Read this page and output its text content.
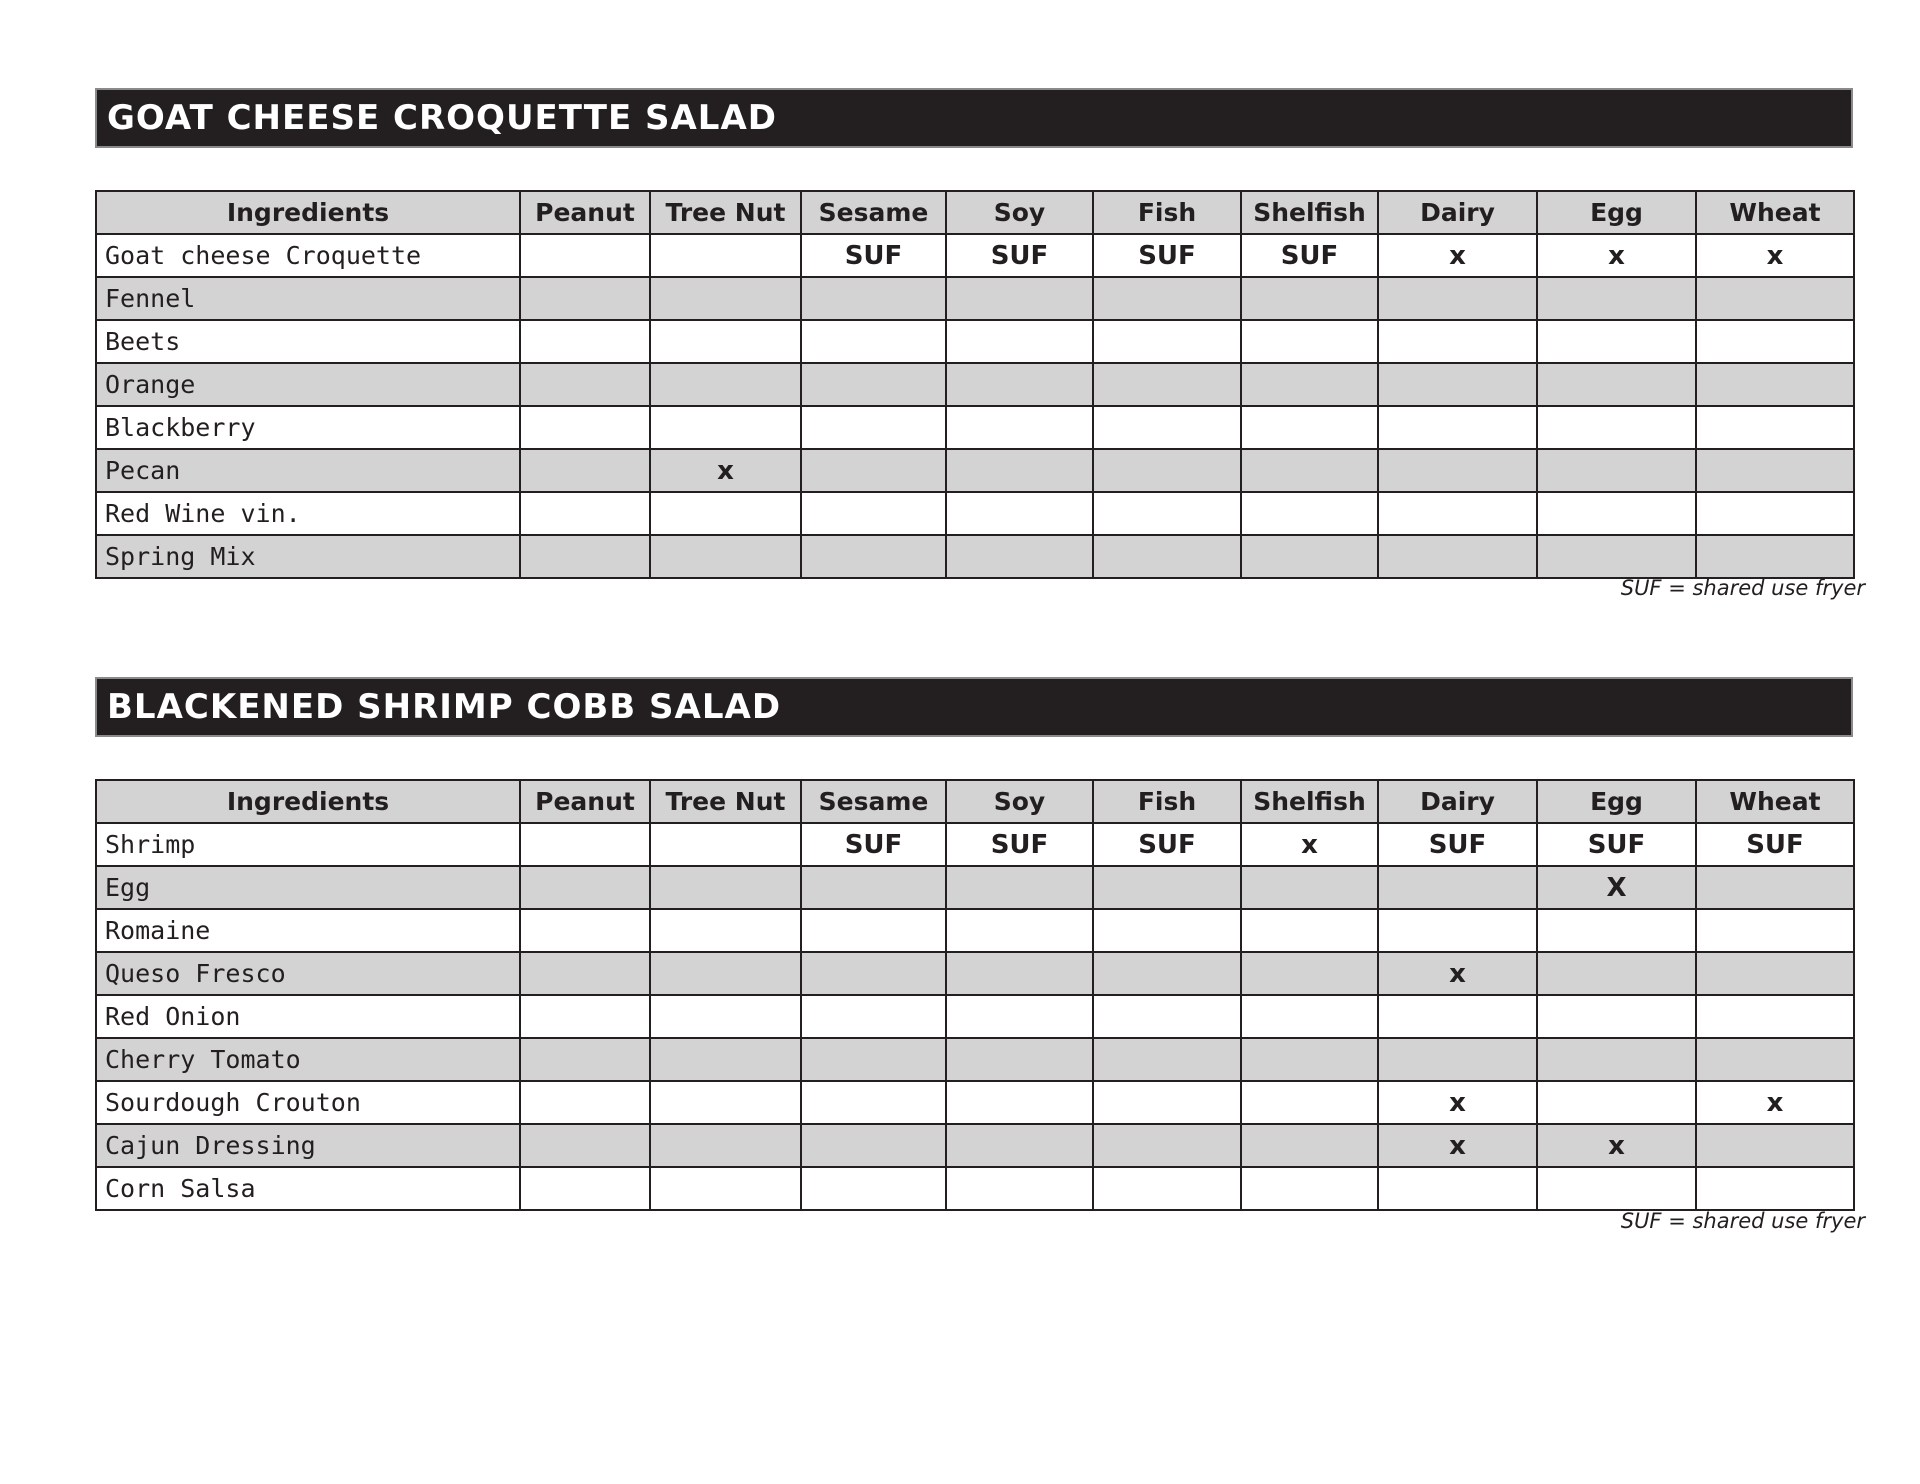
GOAT CHEESE CROQUETTE SALAD
Ingredients	Peanut	Tree Nut	Sesame	Soy	Fish	Shelfish	Dairy	Egg	Wheat
Goat cheese Croquette			SUF	SUF	SUF	SUF	x	x	x
Fennel									
Beets									
Orange									
Blackberry									
Pecan		x							
Red Wine vin.									
Spring Mix									
SUF = shared use fryer
BLACKENED SHRIMP COBB SALAD
Ingredients	Peanut	Tree Nut	Sesame	Soy	Fish	Shelfish	Dairy	Egg	Wheat
Shrimp			SUF	SUF	SUF	x	SUF	SUF	SUF
Egg								X	
Romaine									
Queso Fresco							x		
Red Onion									
Cherry Tomato									
Sourdough Crouton							x		x
Cajun Dressing							x	x	
Corn Salsa									
SUF = shared use fryer
